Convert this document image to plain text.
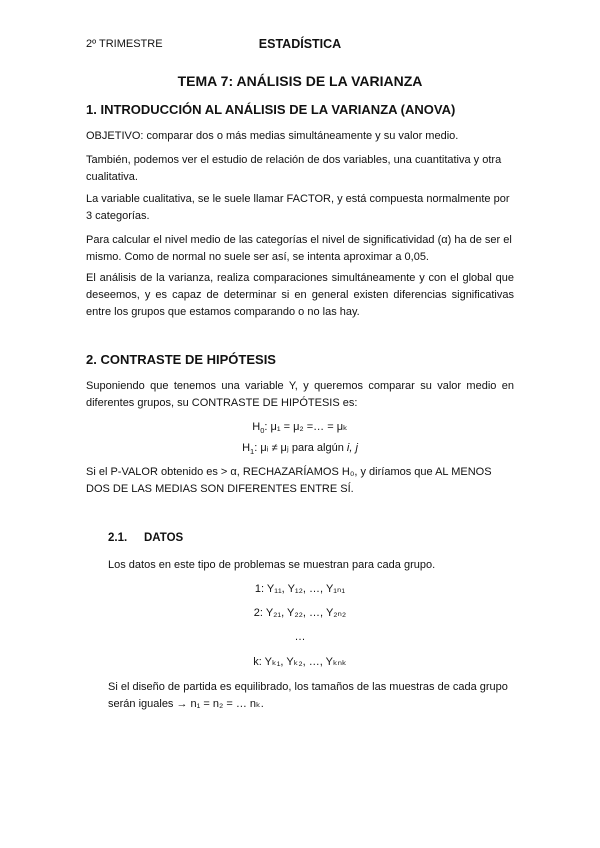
2º TRIMESTRE	ESTADÍSTICA
TEMA 7: ANÁLISIS DE LA VARIANZA
1. INTRODUCCIÓN AL ANÁLISIS DE LA VARIANZA (ANOVA)
OBJETIVO: comparar dos o más medias simultáneamente y su valor medio.
También, podemos ver el estudio de relación de dos variables, una cuantitativa y otra cualitativa.
La variable cualitativa, se le suele llamar FACTOR, y está compuesta normalmente por 3 categorías.
Para calcular el nivel medio de las categorías el nivel de significatividad (α) ha de ser el mismo. Como de normal no suele ser así, se intenta aproximar a 0,05.
El análisis de la varianza, realiza comparaciones simultáneamente y con el global que deseemos, y es capaz de determinar si en general existen diferencias significativas entre los grupos que estamos comparando o no las hay.
2. CONTRASTE DE HIPÓTESIS
Suponiendo que tenemos una variable Y, y queremos comparar su valor medio en diferentes grupos, su CONTRASTE DE HIPÓTESIS es:
$H_0$: μ₁ = μ₂ =… = μₖ
$H_1$: μᵢ ≠ μⱼ para algún i, j
Si el P-VALOR obtenido es > α, RECHAZARÍAMOS H₀, y diríamos que AL MENOS DOS DE LAS MEDIAS SON DIFERENTES ENTRE SÍ.
2.1. DATOS
Los datos en este tipo de problemas se muestran para cada grupo.
1: Y₁₁, Y₁₂, …, Y₁ₙ₁
2: Y₂₁, Y₂₂, …, Y₂ₙ₂
…
k: Yₖ₁, Yₖ₂, …, Yₖₙₖ
Si el diseño de partida es equilibrado, los tamaños de las muestras de cada grupo serán iguales → n₁ = n₂ = … nₖ.
